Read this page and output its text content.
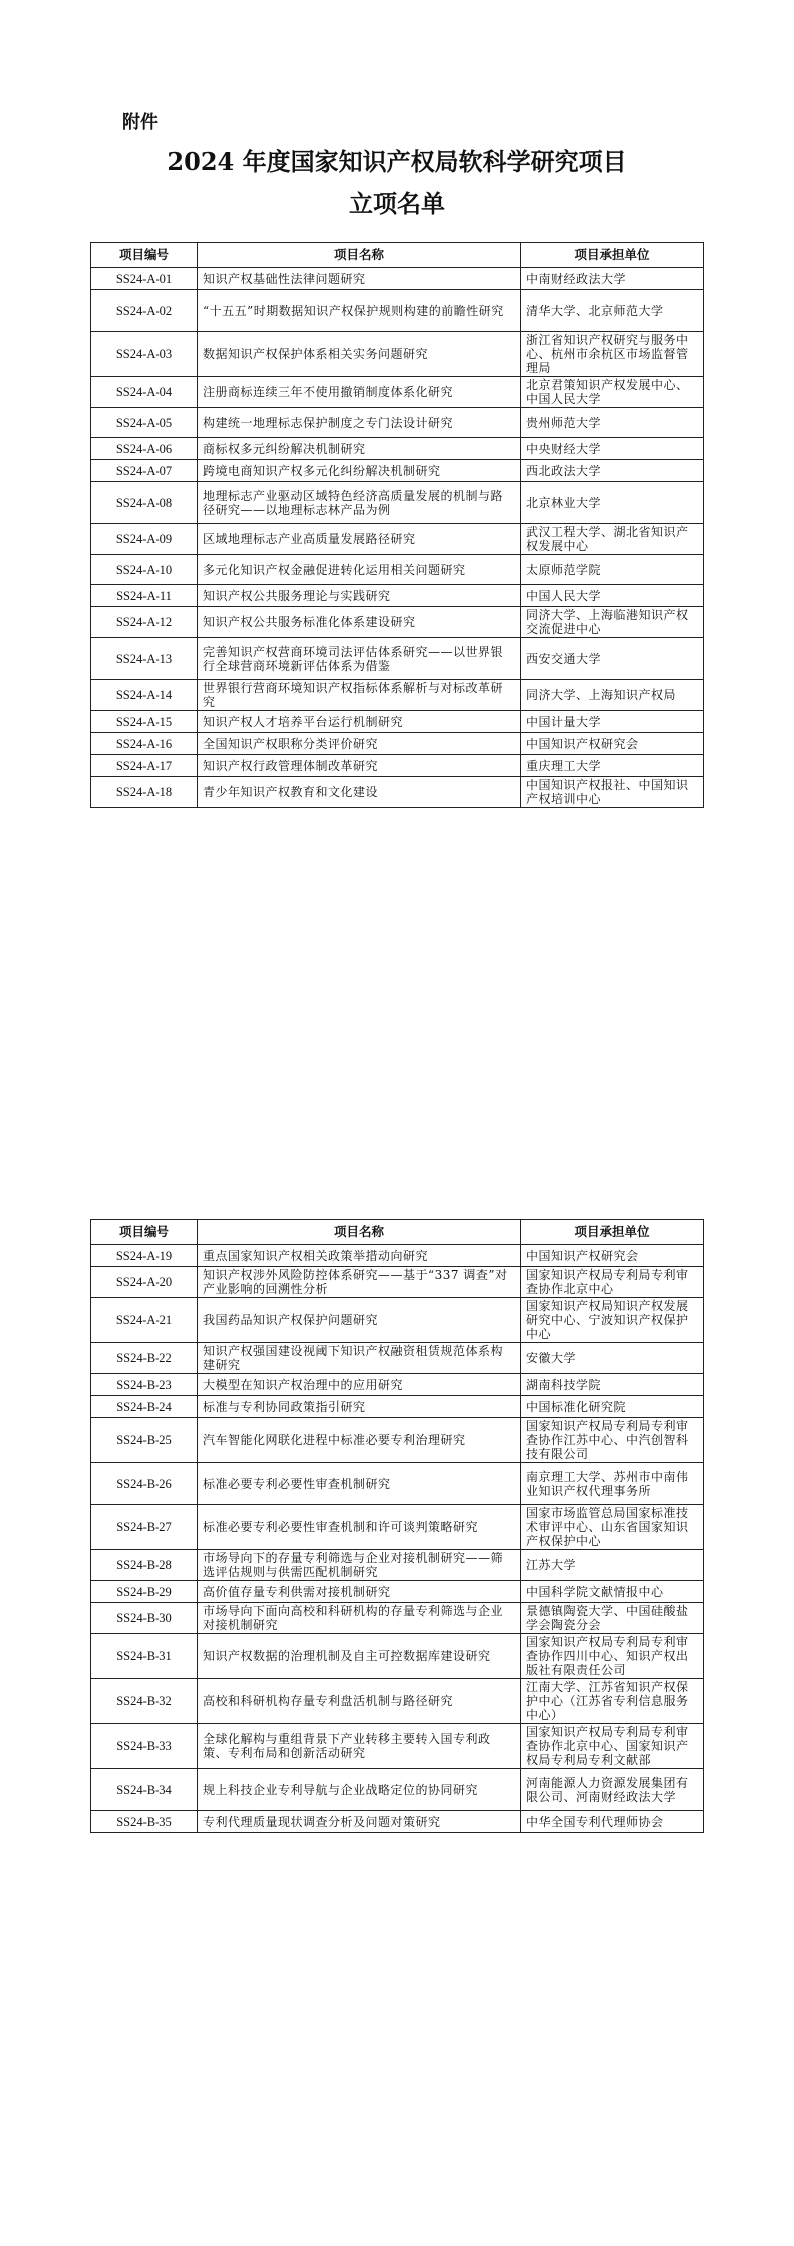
附件
2024 年度国家知识产权局软科学研究项目
立项名单
项目编号	项目名称	项目承担单位
SS24-A-01	知识产权基础性法律问题研究	中南财经政法大学
SS24-A-02	“十五五”时期数据知识产权保护规则构建的前瞻性研究	清华大学、北京师范大学
SS24-A-03	数据知识产权保护体系相关实务问题研究	浙江省知识产权研究与服务中心、杭州市余杭区市场监督管理局
SS24-A-04	注册商标连续三年不使用撤销制度体系化研究	北京君策知识产权发展中心、中国人民大学
SS24-A-05	构建统一地理标志保护制度之专门法设计研究	贵州师范大学
SS24-A-06	商标权多元纠纷解决机制研究	中央财经大学
SS24-A-07	跨境电商知识产权多元化纠纷解决机制研究	西北政法大学
SS24-A-08	地理标志产业驱动区域特色经济高质量发展的机制与路径研究——以地理标志林产品为例	北京林业大学
SS24-A-09	区域地理标志产业高质量发展路径研究	武汉工程大学、湖北省知识产权发展中心
SS24-A-10	多元化知识产权金融促进转化运用相关问题研究	太原师范学院
SS24-A-11	知识产权公共服务理论与实践研究	中国人民大学
SS24-A-12	知识产权公共服务标准化体系建设研究	同济大学、上海临港知识产权交流促进中心
SS24-A-13	完善知识产权营商环境司法评估体系研究——以世界银行全球营商环境新评估体系为借鉴	西安交通大学
SS24-A-14	世界银行营商环境知识产权指标体系解析与对标改革研究	同济大学、上海知识产权局
SS24-A-15	知识产权人才培养平台运行机制研究	中国计量大学
SS24-A-16	全国知识产权职称分类评价研究	中国知识产权研究会
SS24-A-17	知识产权行政管理体制改革研究	重庆理工大学
SS24-A-18	青少年知识产权教育和文化建设	中国知识产权报社、中国知识产权培训中心
项目编号	项目名称	项目承担单位
SS24-A-19	重点国家知识产权相关政策举措动向研究	中国知识产权研究会
SS24-A-20	知识产权涉外风险防控体系研究——基于“337 调查”对产业影响的回溯性分析	国家知识产权局专利局专利审查协作北京中心
SS24-A-21	我国药品知识产权保护问题研究	国家知识产权局知识产权发展研究中心、宁波知识产权保护中心
SS24-B-22	知识产权强国建设视阈下知识产权融资租赁规范体系构建研究	安徽大学
SS24-B-23	大模型在知识产权治理中的应用研究	湖南科技学院
SS24-B-24	标准与专利协同政策指引研究	中国标准化研究院
SS24-B-25	汽车智能化网联化进程中标准必要专利治理研究	国家知识产权局专利局专利审查协作江苏中心、中汽创智科技有限公司
SS24-B-26	标准必要专利必要性审查机制研究	南京理工大学、苏州市中南伟业知识产权代理事务所
SS24-B-27	标准必要专利必要性审查机制和许可谈判策略研究	国家市场监管总局国家标准技术审评中心、山东省国家知识产权保护中心
SS24-B-28	市场导向下的存量专利筛选与企业对接机制研究——筛选评估规则与供需匹配机制研究	江苏大学
SS24-B-29	高价值存量专利供需对接机制研究	中国科学院文献情报中心
SS24-B-30	市场导向下面向高校和科研机构的存量专利筛选与企业对接机制研究	景德镇陶瓷大学、中国硅酸盐学会陶瓷分会
SS24-B-31	知识产权数据的治理机制及自主可控数据库建设研究	国家知识产权局专利局专利审查协作四川中心、知识产权出版社有限责任公司
SS24-B-32	高校和科研机构存量专利盘活机制与路径研究	江南大学、江苏省知识产权保护中心（江苏省专利信息服务中心）
SS24-B-33	全球化解构与重组背景下产业转移主要转入国专利政策、专利布局和创新活动研究	国家知识产权局专利局专利审查协作北京中心、国家知识产权局专利局专利文献部
SS24-B-34	规上科技企业专利导航与企业战略定位的协同研究	河南能源人力资源发展集团有限公司、河南财经政法大学
SS24-B-35	专利代理质量现状调查分析及问题对策研究	中华全国专利代理师协会
